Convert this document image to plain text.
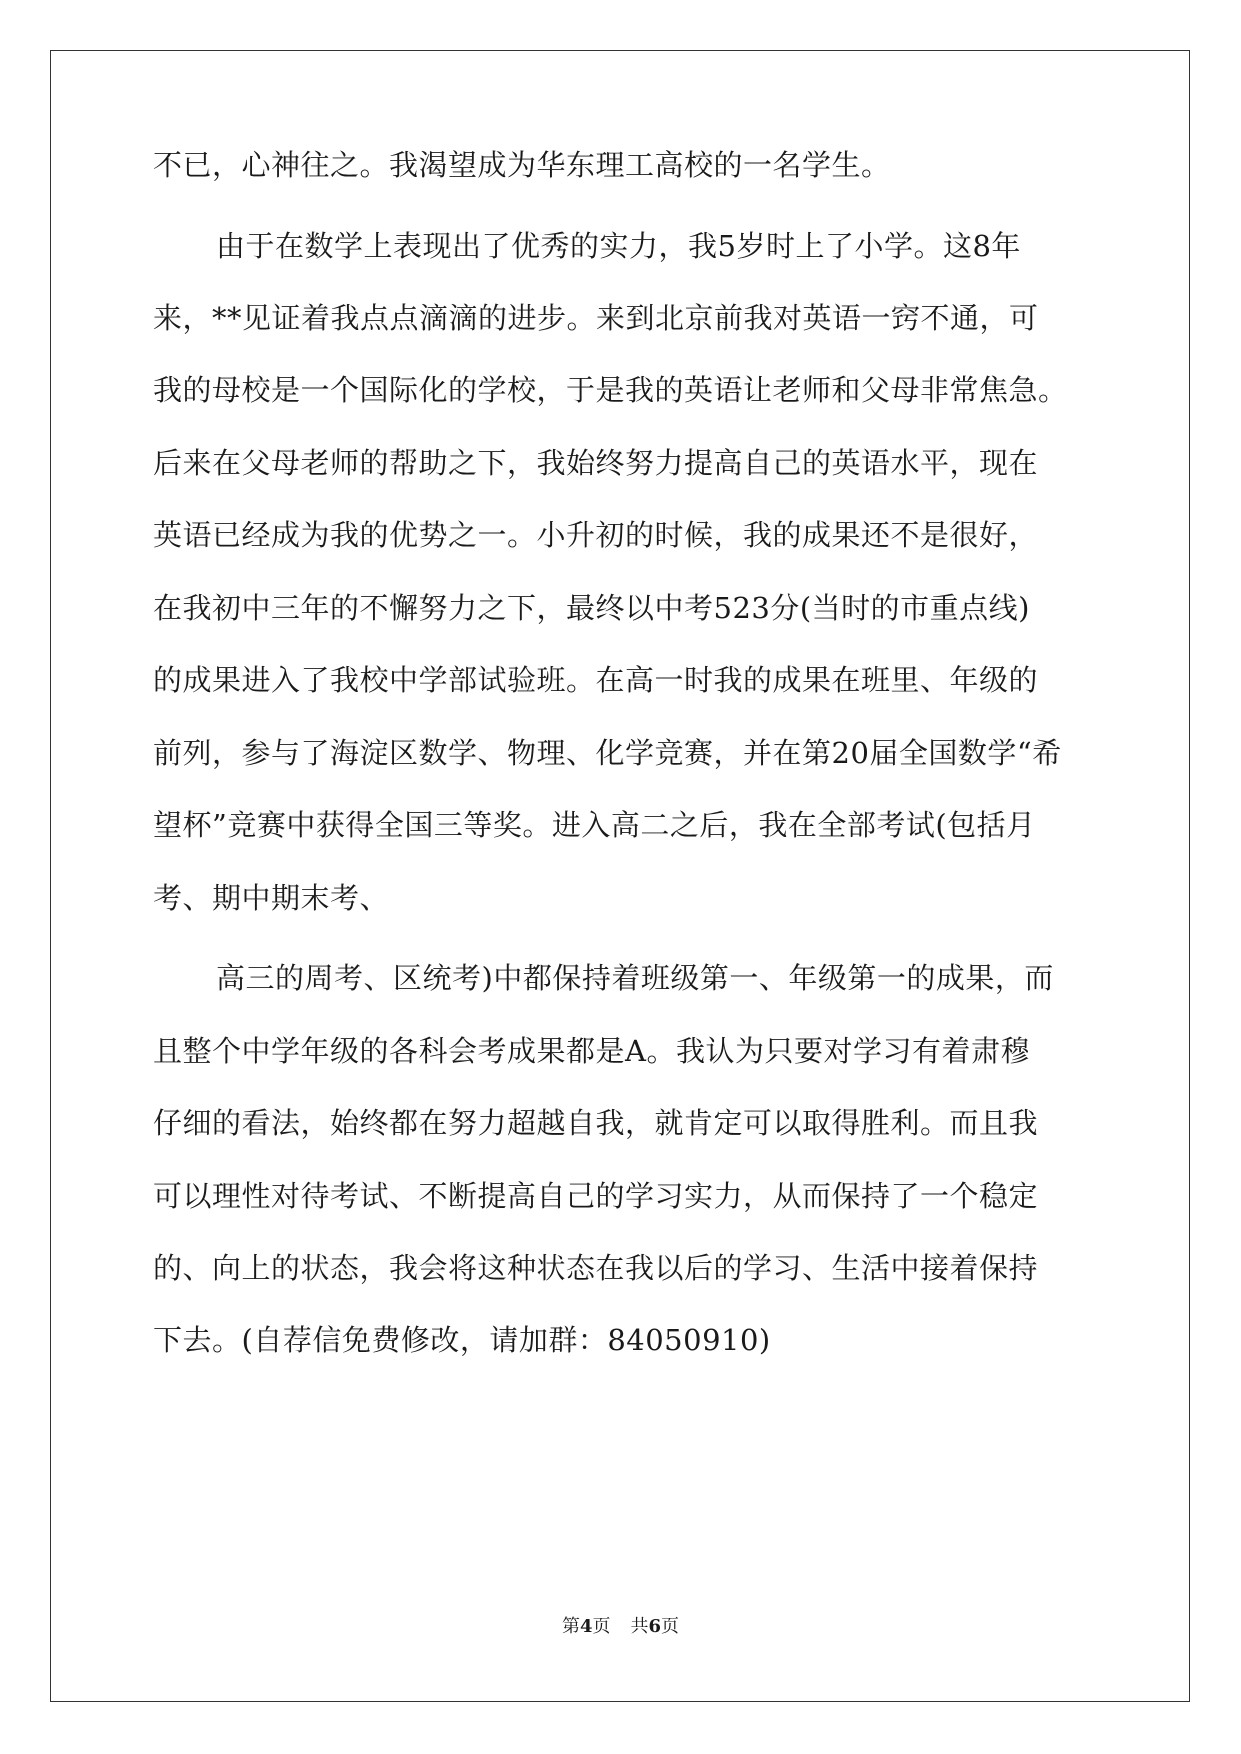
不已，心神往之。我渴望成为华东理工高校的一名学生。
由于在数学上表现出了优秀的实力，我5岁时上了小学。这8年
来，**见证着我点点滴滴的进步。来到北京前我对英语一窍不通，可
我的母校是一个国际化的学校，于是我的英语让老师和父母非常焦急。
后来在父母老师的帮助之下，我始终努力提高自己的英语水平，现在
英语已经成为我的优势之一。小升初的时候，我的成果还不是很好，
在我初中三年的不懈努力之下，最终以中考523分(当时的市重点线)
的成果进入了我校中学部试验班。在高一时我的成果在班里、年级的
前列，参与了海淀区数学、物理、化学竞赛，并在第20届全国数学“希
望杯”竞赛中获得全国三等奖。进入高二之后，我在全部考试(包括月
考、期中期末考、
高三的周考、区统考)中都保持着班级第一、年级第一的成果，而
且整个中学年级的各科会考成果都是A。我认为只要对学习有着肃穆
仔细的看法，始终都在努力超越自我，就肯定可以取得胜利。而且我
可以理性对待考试、不断提高自己的学习实力，从而保持了一个稳定
的、向上的状态，我会将这种状态在我以后的学习、生活中接着保持
下去。(自荐信免费修改，请加群：84050910)
第4页 共6页
